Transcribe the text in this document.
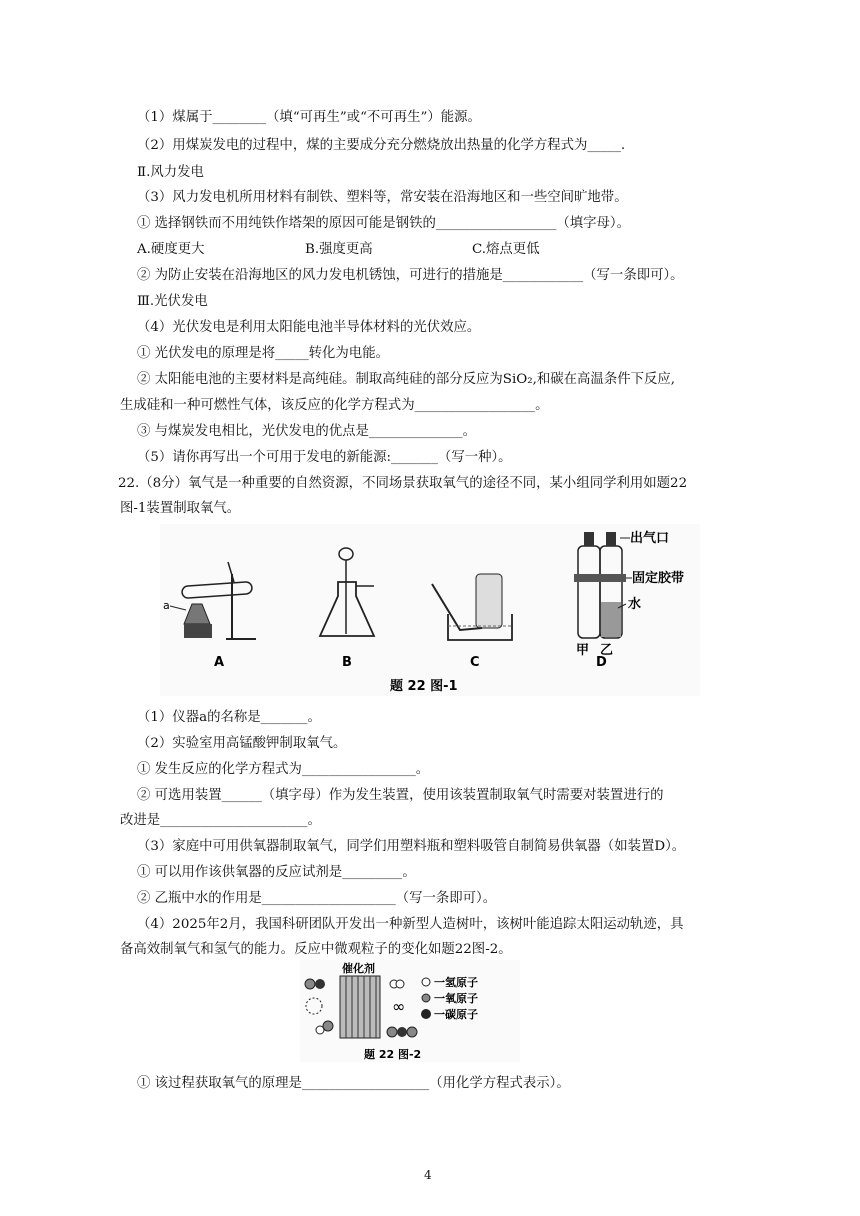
（1）煤属于________（填“可再生”或“不可再生”）能源。
（2）用煤炭发电的过程中，煤的主要成分充分燃烧放出热量的化学方程式为_____.
Ⅱ.风力发电
（3）风力发电机所用材料有制铁、塑料等，常安装在沿海地区和一些空间旷地带。
① 选择钢铁而不用纯铁作塔架的原因可能是钢铁的__________________（填字母）。
A.硬度更大	B.强度更高	C.熔点更低
② 为防止安装在沿海地区的风力发电机锈蚀，可进行的措施是____________（写一条即可）。
Ⅲ.光伏发电
（4）光伏发电是利用太阳能电池半导体材料的光伏效应。
① 光伏发电的原理是将_____转化为电能。
② 太阳能电池的主要材料是高纯硅。制取高纯硅的部分反应为SiO₂,和碳在高温条件下反应,
生成硅和一种可燃性气体，该反应的化学方程式为__________________。
③ 与煤炭发电相比，光伏发电的优点是______________。
（5）请你再写出一个可用于发电的新能源:_______（写一种）。
22.（8分）氧气是一种重要的自然资源，不同场景获取氧气的途径不同，某小组同学利用如题22
图-1装置制取氧气。
a
出气口
固定胶带
水
甲 乙
A	B	C	D
题 22 图-1
（1）仪器a的名称是_______。
（2）实验室用高锰酸钾制取氧气。
① 发生反应的化学方程式为_________________。
② 可选用装置______（填字母）作为发生装置，使用该装置制取氧气时需要对装置进行的
改进是______________________。
（3）家庭中可用供氧器制取氧气，同学们用塑料瓶和塑料吸管自制简易供氧器（如装置D）。
① 可以用作该供氧器的反应试剂是_________。
② 乙瓶中水的作用是____________________（写一条即可）。
（4）2025年2月，我国科研团队开发出一种新型人造树叶，该树叶能追踪太阳运动轨迹，具
备高效制氧气和氢气的能力。反应中微观粒子的变化如题22图-2。
催化剂
∞
一氢原子
一氧原子
一碳原子
题 22 图-2
① 该过程获取氧气的原理是___________________（用化学方程式表示）。
4
